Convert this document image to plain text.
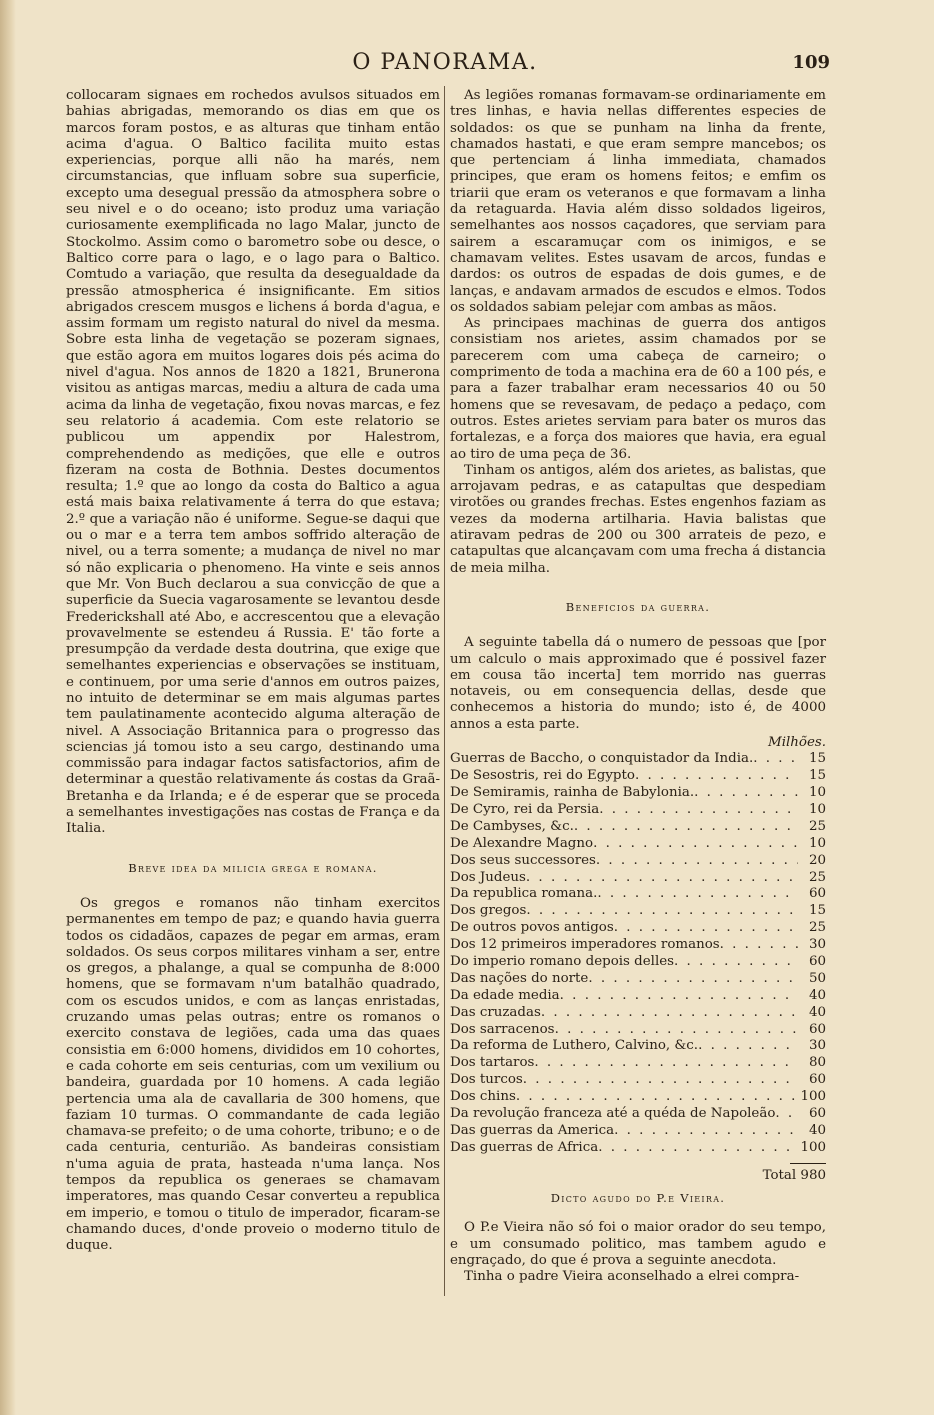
O PANORAMA.	109

collocaram signaes em rochedos avulsos situados em bahias abrigadas, memorando os dias em que os marcos foram postos, e as alturas que tinham então acima d'agua. O Baltico facilita muito estas experiencias, porque alli não ha marés, nem circumstancias, que influam sobre sua superficie, excepto uma desegual pressão da atmosphera sobre o seu nivel e o do oceano; isto produz uma variação curiosamente exemplificada no lago Malar, juncto de Stockolmo. Assim como o barometro sobe ou desce, o Baltico corre para o lago, e o lago para o Baltico. Comtudo a variação, que resulta da desegualdade da pressão atmospherica é insignificante. Em sitios abrigados crescem musgos e lichens á borda d'agua, e assim formam um registo natural do nivel da mesma. Sobre esta linha de vegetação se pozeram signaes, que estão agora em muitos logares dois pés acima do nivel d'agua. Nos annos de 1820 a 1821, Brunerona visitou as antigas marcas, mediu a altura de cada uma acima da linha de vegetação, fixou novas marcas, e fez seu relatorio á academia. Com este relatorio se publicou um appendix por Halestrom, comprehendendo as medições, que elle e outros fizeram na costa de Bothnia. Destes documentos resulta; 1.º que ao longo da costa do Baltico a agua está mais baixa relativamente á terra do que estava; 2.º que a variação não é uniforme. Segue-se daqui que ou o mar e a terra tem ambos soffrido alteração de nivel, ou a terra somente; a mudança de nivel no mar só não explicaria o phenomeno. Ha vinte e seis annos que Mr. Von Buch declarou a sua convicção de que a superficie da Suecia vagarosamente se levantou desde Frederickshall até Abo, e accrescentou que a elevação provavelmente se estendeu á Russia. E' tão forte a presumpção da verdade desta doutrina, que exige que semelhantes experiencias e observações se instituam, e continuem, por uma serie d'annos em outros paizes, no intuito de determinar se em mais algumas partes tem paulatinamente acontecido alguma alteração de nivel. A Associação Britannica para o progresso das sciencias já tomou isto a seu cargo, destinando uma commissão para indagar factos satisfactorios, afim de determinar a questão relativamente ás costas da Graã-Bretanha e da Irlanda; e é de esperar que se proceda a semelhantes investigações nas costas de França e da Italia.

Breve idea da milicia grega e romana.

Os gregos e romanos não tinham exercitos permanentes em tempo de paz; e quando havia guerra todos os cidadãos, capazes de pegar em armas, eram soldados. Os seus corpos militares vinham a ser, entre os gregos, a phalange, a qual se compunha de 8:000 homens, que se formavam n'um batalhão quadrado, com os escudos unidos, e com as lanças enristadas, cruzando umas pelas outras; entre os romanos o exercito constava de legiões, cada uma das quaes consistia em 6:000 homens, divididos em 10 cohortes, e cada cohorte em seis centurias, com um vexilium ou bandeira, guardada por 10 homens. A cada legião pertencia uma ala de cavallaria de 300 homens, que faziam 10 turmas. O commandante de cada legião chamava-se prefeito; o de uma cohorte, tribuno; e o de cada centuria, centurião. As bandeiras consistiam n'uma aguia de prata, hasteada n'uma lança. Nos tempos da republica os generaes se chamavam imperatores, mas quando Cesar converteu a republica em imperio, e tomou o titulo de imperador, ficaram-se chamando duces, d'onde proveio o moderno titulo de duque.

As legiões romanas formavam-se ordinariamente em tres linhas, e havia nellas differentes especies de soldados: os que se punham na linha da frente, chamados hastati, e que eram sempre mancebos; os que pertenciam á linha immediata, chamados principes, que eram os homens feitos; e emfim os triarii que eram os veteranos e que formavam a linha da retaguarda. Havia além disso soldados ligeiros, semelhantes aos nossos caçadores, que serviam para sairem a escaramuçar com os inimigos, e se chamavam velites. Estes usavam de arcos, fundas e dardos: os outros de espadas de dois gumes, e de lanças, e andavam armados de escudos e elmos. Todos os soldados sabiam pelejar com ambas as mãos.

As principaes machinas de guerra dos antigos consistiam nos arietes, assim chamados por se parecerem com uma cabeça de carneiro; o comprimento de toda a machina era de 60 a 100 pés, e para a fazer trabalhar eram necessarios 40 ou 50 homens que se revesavam, de pedaço a pedaço, com outros. Estes arietes serviam para bater os muros das fortalezas, e a força dos maiores que havia, era egual ao tiro de uma peça de 36.

Tinham os antigos, além dos arietes, as balistas, que arrojavam pedras, e as catapultas que despediam virotões ou grandes frechas. Estes engenhos faziam as vezes da moderna artilharia. Havia balistas que atiravam pedras de 200 ou 300 arrateis de pezo, e catapultas que alcançavam com uma frecha á distancia de meia milha.

Beneficios da guerra.

A seguinte tabella dá o numero de pessoas que [por um calculo o mais approximado que é possivel fazer em cousa tão incerta] tem morrido nas guerras notaveis, ou em consequencia dellas, desde que conhecemos a historia do mundo; isto é, de 4000 annos a esta parte.

Milhões.
Guerras de Baccho, o conquistador da India. . . .	15
De Sesostris, rei do Egypto . . .	15
De Semiramis, rainha de Babylonia. . . .	10
De Cyro, rei da Persia . . .	10
De Cambyses, &c. . . .	25
De Alexandre Magno . . .	10
Dos seus successores . . .	20
Dos Judeus . . .	25
Da republica romana. . . .	60
Dos gregos . . .	15
De outros povos antigos . . .	25
Dos 12 primeiros imperadores romanos . . .	30
Do imperio romano depois delles . . .	60
Das nações do norte . . .	50
Da edade media . . .	40
Das cruzadas . . .	40
Dos sarracenos . . .	60
Da reforma de Luthero, Calvino, &c. . . .	30
Dos tartaros . . .	80
Dos turcos . . .	60
Dos chins . . .	100
Da revolução franceza até a quéda de Napoleão . . .	60
Das guerras da America . . .	40
Das guerras de Africa . . .	100
Total 980
Dicto agudo do P.e Vieira.

O P.e Vieira não só foi o maior orador do seu tempo, e um consumado politico, mas tambem agudo e engraçado, do que é prova a seguinte anecdota.

Tinha o padre Vieira aconselhado a elrei compra-
